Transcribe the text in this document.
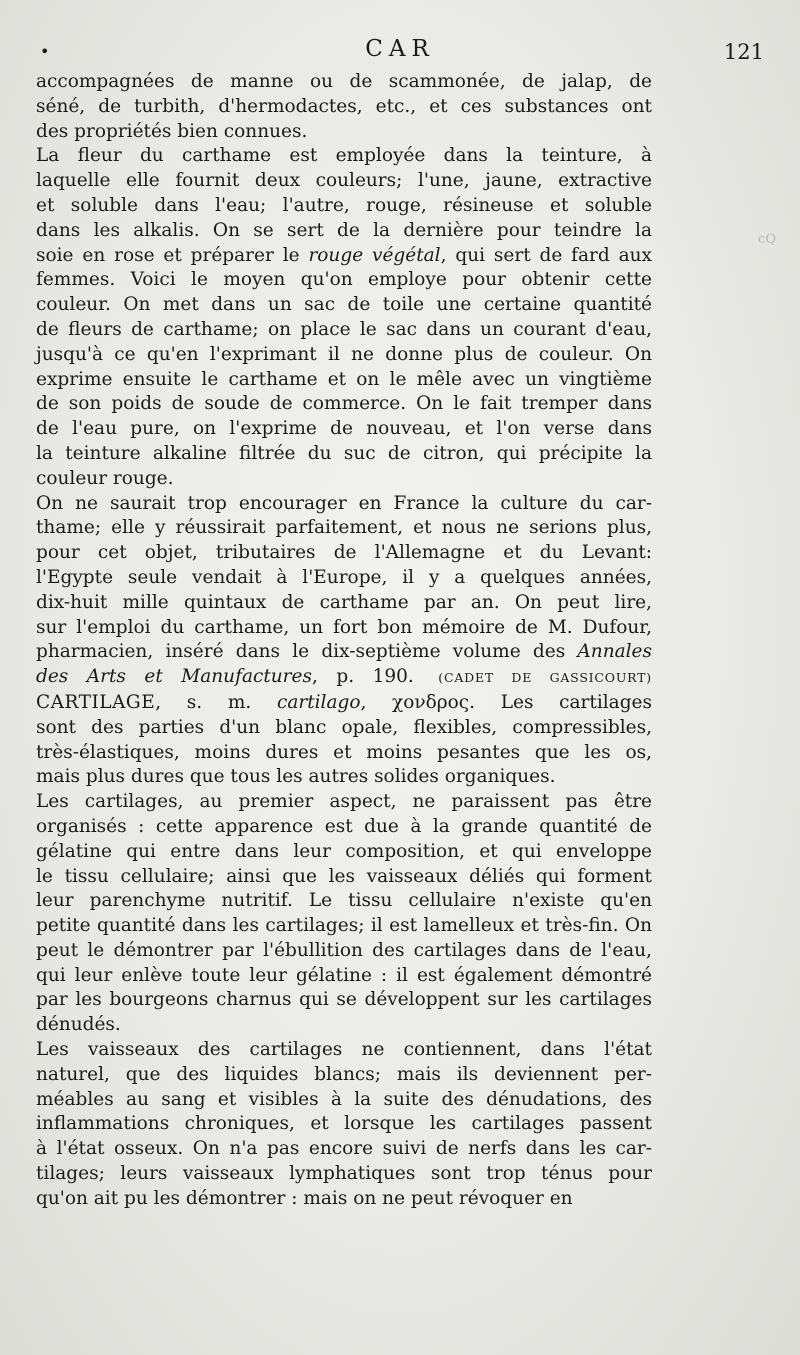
•	CAR	121
cQ
accompagnées de manne ou de scammonée, de jalap, de
séné, de turbith, d'hermodactes, etc., et ces substances ont
des propriétés bien connues.
La fleur du carthame est employée dans la teinture, à
laquelle elle fournit deux couleurs; l'une, jaune, extractive
et soluble dans l'eau; l'autre, rouge, résineuse et soluble
dans les alkalis. On se sert de la dernière pour teindre la
soie en rose et préparer le rouge végétal, qui sert de fard aux
femmes. Voici le moyen qu'on employe pour obtenir cette
couleur. On met dans un sac de toile une certaine quantité
de fleurs de carthame; on place le sac dans un courant d'eau,
jusqu'à ce qu'en l'exprimant il ne donne plus de couleur. On
exprime ensuite le carthame et on le mêle avec un vingtième
de son poids de soude de commerce. On le fait tremper dans
de l'eau pure, on l'exprime de nouveau, et l'on verse dans
la teinture alkaline filtrée du suc de citron, qui précipite la
couleur rouge.
On ne saurait trop encourager en France la culture du car-
thame; elle y réussirait parfaitement, et nous ne serions plus,
pour cet objet, tributaires de l'Allemagne et du Levant:
l'Egypte seule vendait à l'Europe, il y a quelques années,
dix-huit mille quintaux de carthame par an. On peut lire,
sur l'emploi du carthame, un fort bon mémoire de M. Dufour,
pharmacien, inséré dans le dix-septième volume des Annales
des Arts et Manufactures, p. 190. (CADET DE GASSICOURT)
CARTILAGE, s. m. cartilago, χονδρος. Les cartilages
sont des parties d'un blanc opale, flexibles, compressibles,
très-élastiques, moins dures et moins pesantes que les os,
mais plus dures que tous les autres solides organiques.
Les cartilages, au premier aspect, ne paraissent pas être
organisés : cette apparence est due à la grande quantité de
gélatine qui entre dans leur composition, et qui enveloppe
le tissu cellulaire; ainsi que les vaisseaux déliés qui forment
leur parenchyme nutritif. Le tissu cellulaire n'existe qu'en
petite quantité dans les cartilages; il est lamelleux et très-fin. On
peut le démontrer par l'ébullition des cartilages dans de l'eau,
qui leur enlève toute leur gélatine : il est également démontré
par les bourgeons charnus qui se développent sur les cartilages
dénudés.
Les vaisseaux des cartilages ne contiennent, dans l'état
naturel, que des liquides blancs; mais ils deviennent per-
méables au sang et visibles à la suite des dénudations, des
inflammations chroniques, et lorsque les cartilages passent
à l'état osseux. On n'a pas encore suivi de nerfs dans les car-
tilages; leurs vaisseaux lymphatiques sont trop ténus pour
qu'on ait pu les démontrer : mais on ne peut révoquer en
